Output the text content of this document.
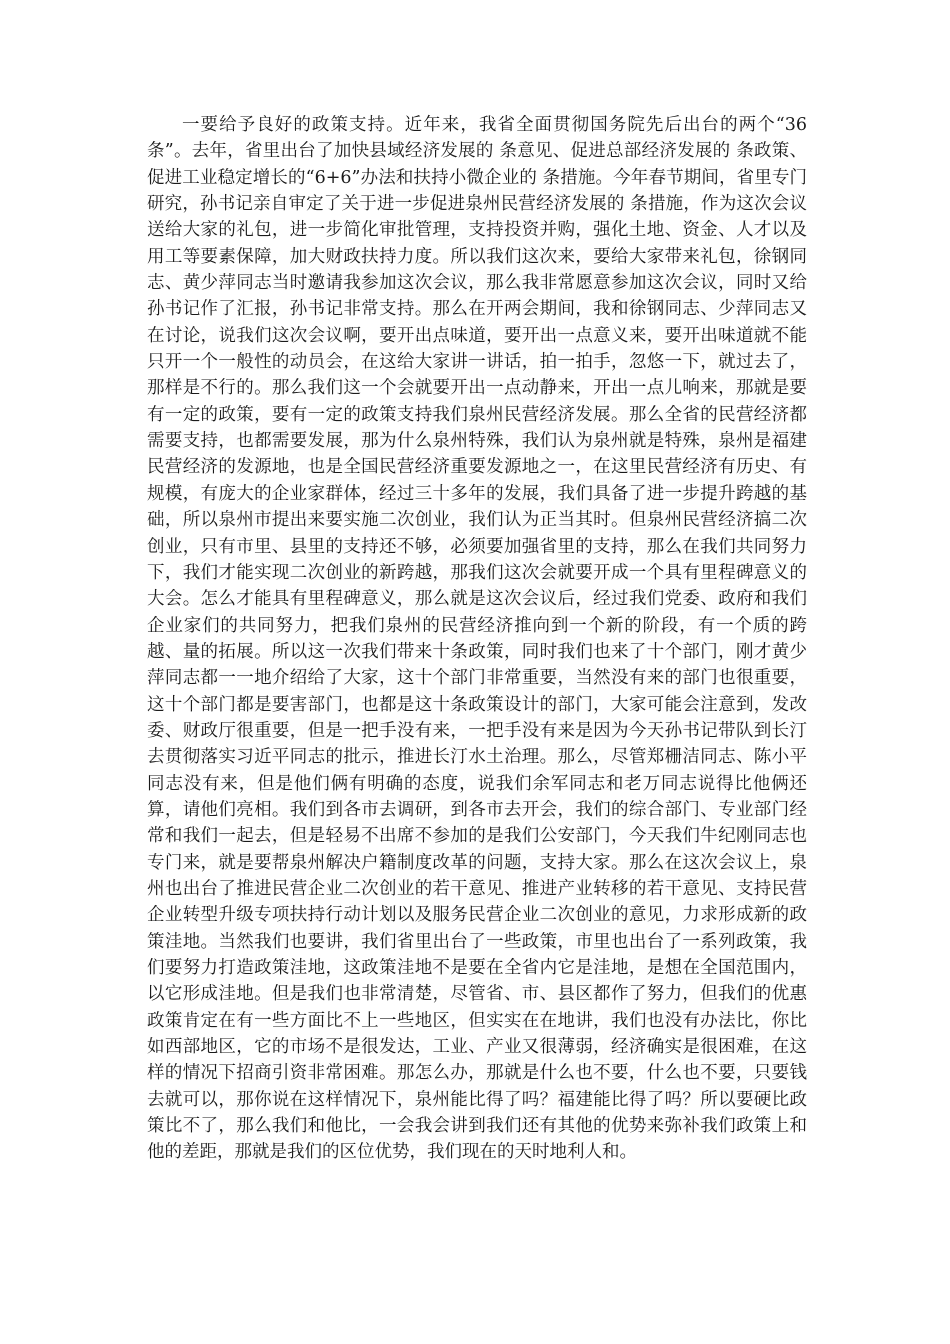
一要给予良好的政策支持。近年来，我省全面贯彻国务院先后出台的两个“36条”。去年，省里出台了加快县域经济发展的 条意见、促进总部经济发展的 条政策、促进工业稳定增长的“6+6”办法和扶持小微企业的 条措施。今年春节期间，省里专门研究，孙书记亲自审定了关于进一步促进泉州民营经济发展的 条措施，作为这次会议送给大家的礼包，进一步简化审批管理，支持投资并购，强化土地、资金、人才以及用工等要素保障，加大财政扶持力度。所以我们这次来，要给大家带来礼包，徐钢同志、黄少萍同志当时邀请我参加这次会议，那么我非常愿意参加这次会议，同时又给孙书记作了汇报，孙书记非常支持。那么在开两会期间，我和徐钢同志、少萍同志又在讨论，说我们这次会议啊，要开出点味道，要开出一点意义来，要开出味道就不能只开一个一般性的动员会，在这给大家讲一讲话，拍一拍手，忽悠一下，就过去了，那样是不行的。那么我们这一个会就要开出一点动静来，开出一点儿响来，那就是要有一定的政策，要有一定的政策支持我们泉州民营经济发展。那么全省的民营经济都需要支持，也都需要发展，那为什么泉州特殊，我们认为泉州就是特殊，泉州是福建民营经济的发源地，也是全国民营经济重要发源地之一，在这里民营经济有历史、有规模，有庞大的企业家群体，经过三十多年的发展，我们具备了进一步提升跨越的基础，所以泉州市提出来要实施二次创业，我们认为正当其时。但泉州民营经济搞二次创业，只有市里、县里的支持还不够，必须要加强省里的支持，那么在我们共同努力下，我们才能实现二次创业的新跨越，那我们这次会就要开成一个具有里程碑意义的大会。怎么才能具有里程碑意义，那么就是这次会议后，经过我们党委、政府和我们企业家们的共同努力，把我们泉州的民营经济推向到一个新的阶段，有一个质的跨越、量的拓展。所以这一次我们带来十条政策，同时我们也来了十个部门，刚才黄少萍同志都一一地介绍给了大家，这十个部门非常重要，当然没有来的部门也很重要，这十个部门都是要害部门，也都是这十条政策设计的部门，大家可能会注意到，发改委、财政厅很重要，但是一把手没有来，一把手没有来是因为今天孙书记带队到长汀去贯彻落实习近平同志的批示，推进长汀水土治理。那么，尽管郑栅洁同志、陈小平同志没有来，但是他们俩有明确的态度，说我们余军同志和老万同志说得比他俩还算，请他们亮相。我们到各市去调研，到各市去开会，我们的综合部门、专业部门经常和我们一起去，但是轻易不出席不参加的是我们公安部门，今天我们牛纪刚同志也专门来，就是要帮泉州解决户籍制度改革的问题，支持大家。那么在这次会议上，泉州也出台了推进民营企业二次创业的若干意见、推进产业转移的若干意见、支持民营企业转型升级专项扶持行动计划以及服务民营企业二次创业的意见，力求形成新的政策洼地。当然我们也要讲，我们省里出台了一些政策，市里也出台了一系列政策，我们要努力打造政策洼地，这政策洼地不是要在全省内它是洼地，是想在全国范围内，以它形成洼地。但是我们也非常清楚，尽管省、市、县区都作了努力，但我们的优惠政策肯定在有一些方面比不上一些地区，但实实在在地讲，我们也没有办法比，你比如西部地区，它的市场不是很发达，工业、产业又很薄弱，经济确实是很困难，在这样的情况下招商引资非常困难。那怎么办，那就是什么也不要，什么也不要，只要钱去就可以，那你说在这样情况下，泉州能比得了吗？福建能比得了吗？所以要硬比政策比不了，那么我们和他比，一会我会讲到我们还有其他的优势来弥补我们政策上和他的差距，那就是我们的区位优势，我们现在的天时地利人和。
